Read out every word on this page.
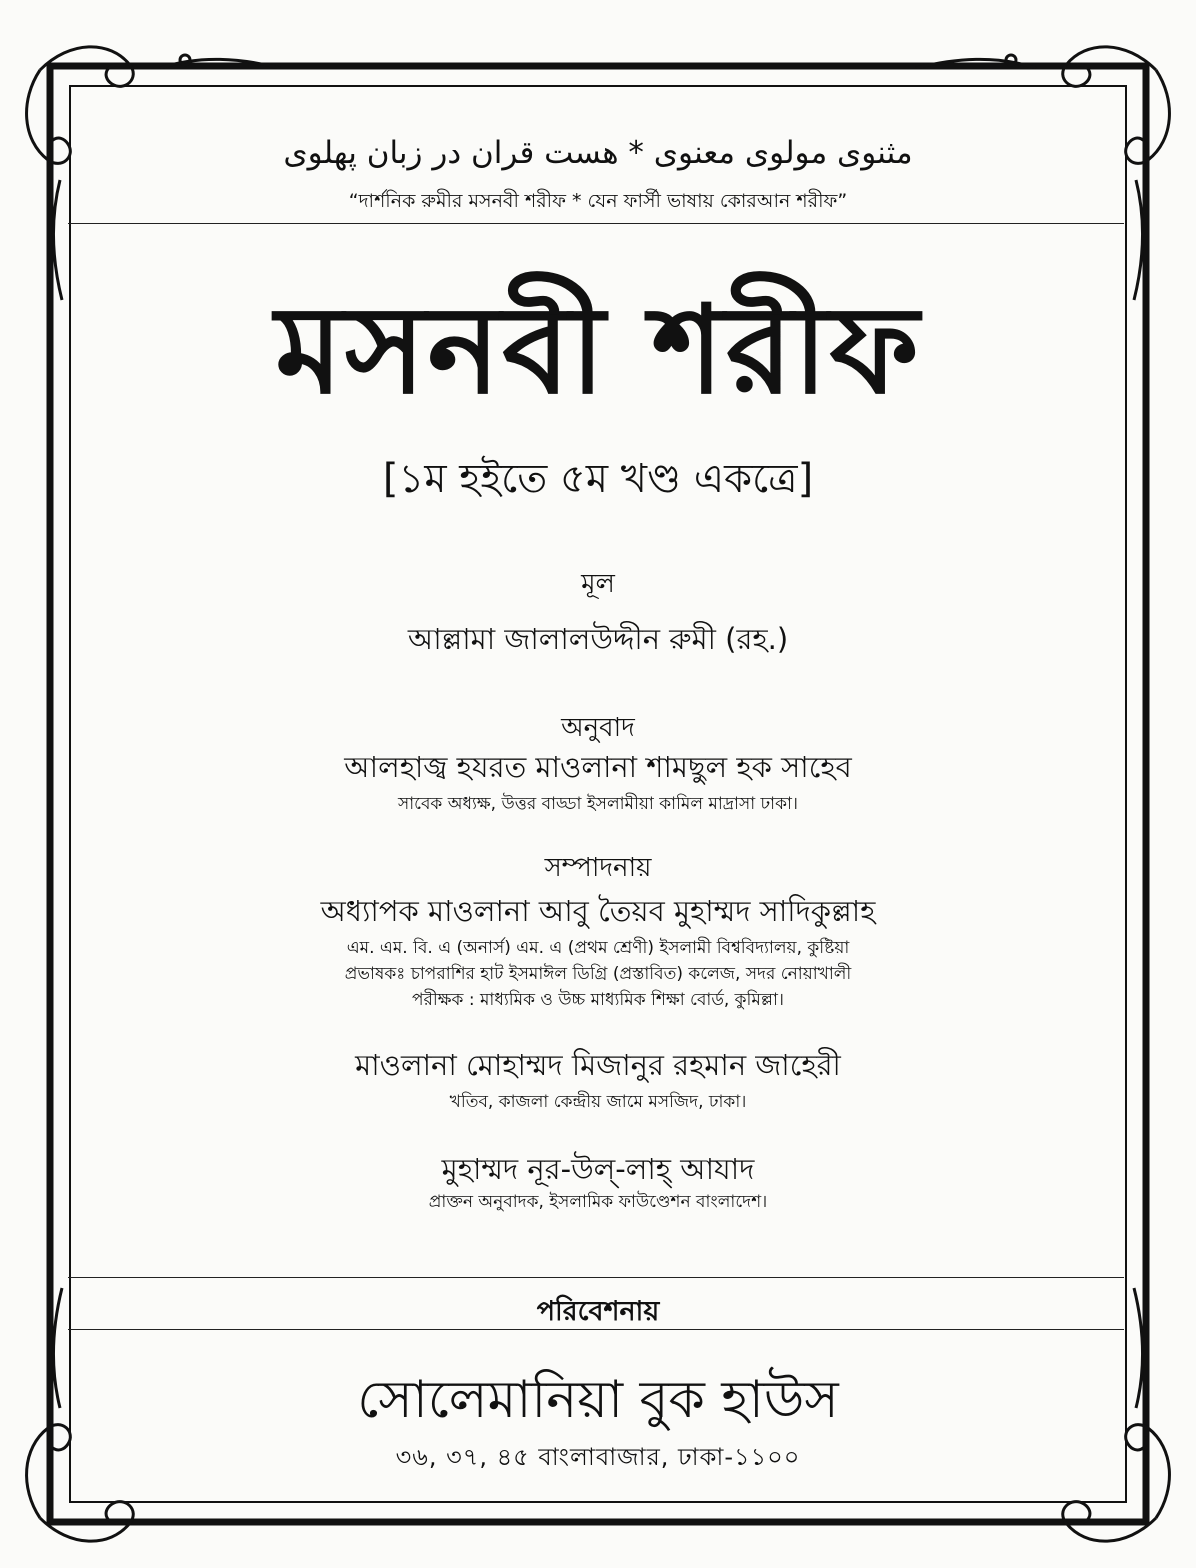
مثنوی مولوی معنوی * هست قران در زبان پهلوی
“দার্শনিক রুমীর মসনবী শরীফ * যেন ফার্সী ভাষায় কোরআন শরীফ”
মসনবী শরীফ
[১ম হইতে ৫ম খণ্ড একত্রে]
মূল
আল্লামা জালালউদ্দীন রুমী (রহ.)
অনুবাদ
আলহাজ্ব হযরত মাওলানা শামছুল হক সাহেব
সাবেক অধ্যক্ষ, উত্তর বাড্ডা ইসলামীয়া কামিল মাদ্রাসা ঢাকা।
সম্পাদনায়
অধ্যাপক মাওলানা আবু তৈয়ব মুহাম্মদ সাদিকুল্লাহ
এম. এম. বি. এ (অনার্স) এম. এ (প্রথম শ্রেণী) ইসলামী বিশ্ববিদ্যালয়, কুষ্টিয়া
প্রভাষকঃ চাপরাশির হাট ইসমাঈল ডিগ্রি (প্রস্তাবিত) কলেজ, সদর নোয়াখালী
পরীক্ষক : মাধ্যমিক ও উচ্চ মাধ্যমিক শিক্ষা বোর্ড, কুমিল্লা।
মাওলানা মোহাম্মদ মিজানুর রহমান জাহেরী
খতিব, কাজলা কেন্দ্রীয় জামে মসজিদ, ঢাকা।
মুহাম্মদ নূর-উল্-লাহ্ আযাদ
প্রাক্তন অনুবাদক, ইসলামিক ফাউণ্ডেশন বাংলাদেশ।
পরিবেশনায়
সোলেমানিয়া বুক হাউস
৩৬, ৩৭, ৪৫ বাংলাবাজার, ঢাকা-১১০০
